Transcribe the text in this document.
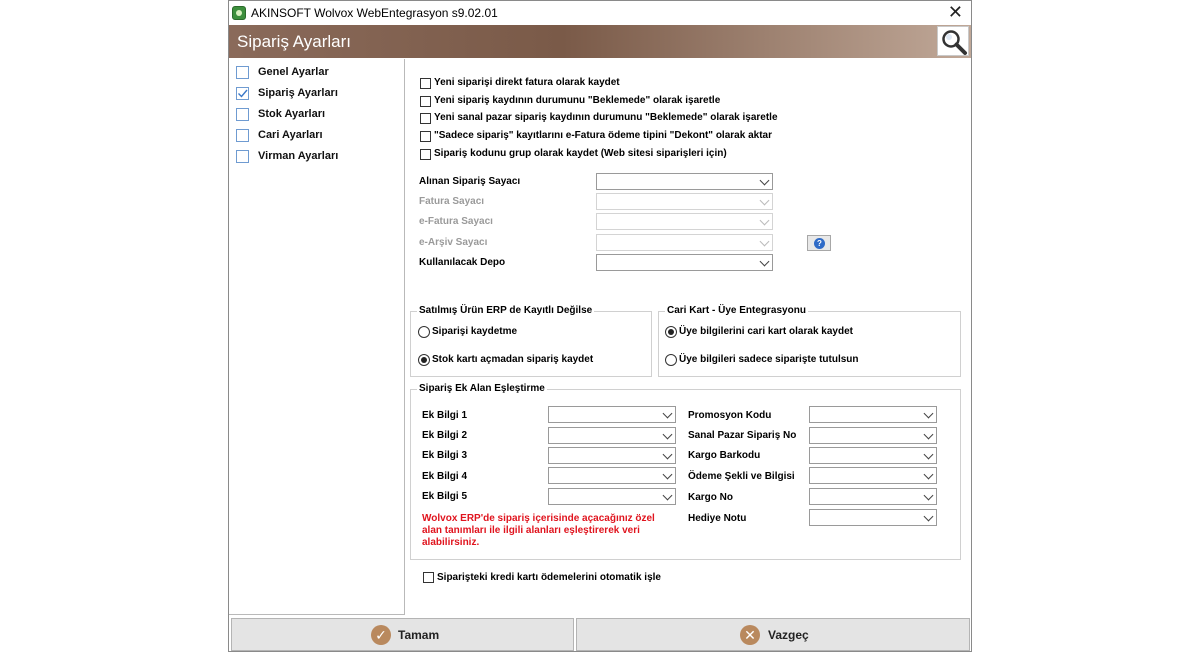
AKINSOFT Wolvox WebEntegrasyon s9.02.01	✕
Sipariş Ayarları
Genel Ayarlar
Sipariş Ayarları
Stok Ayarları
Cari Ayarları
Virman Ayarları
Yeni siparişi direkt fatura olarak kaydet
Yeni sipariş kaydının durumunu "Beklemede" olarak işaretle
Yeni sanal pazar sipariş kaydının durumunu "Beklemede" olarak işaretle
"Sadece sipariş" kayıtlarını e-Fatura ödeme tipini "Dekont" olarak aktar
Sipariş kodunu grup olarak kaydet (Web sitesi siparişleri için)
Alınan Sipariş Sayacı
Fatura Sayacı
e-Fatura Sayacı
e-Arşiv Sayacı	?
Kullanılacak Depo
Satılmış Ürün ERP de Kayıtlı Değilse
Siparişi kaydetme
Stok kartı açmadan sipariş kaydet
Cari Kart - Üye Entegrasyonu
Üye bilgilerini cari kart olarak kaydet
Üye bilgileri sadece siparişte tutulsun
Sipariş Ek Alan Eşleştirme
Ek Bilgi 1
Ek Bilgi 2
Ek Bilgi 3
Ek Bilgi 4
Ek Bilgi 5
Wolvox ERP'de sipariş içerisinde açacağınız özel alan tanımları ile ilgili alanları eşleştirerek veri alabilirsiniz.
Promosyon Kodu
Sanal Pazar Sipariş No
Kargo Barkodu
Ödeme Şekli ve Bilgisi
Kargo No
Hediye Notu
Siparişteki kredi kartı ödemelerini otomatik işle
✓ Tamam	✕	Vazgeç
